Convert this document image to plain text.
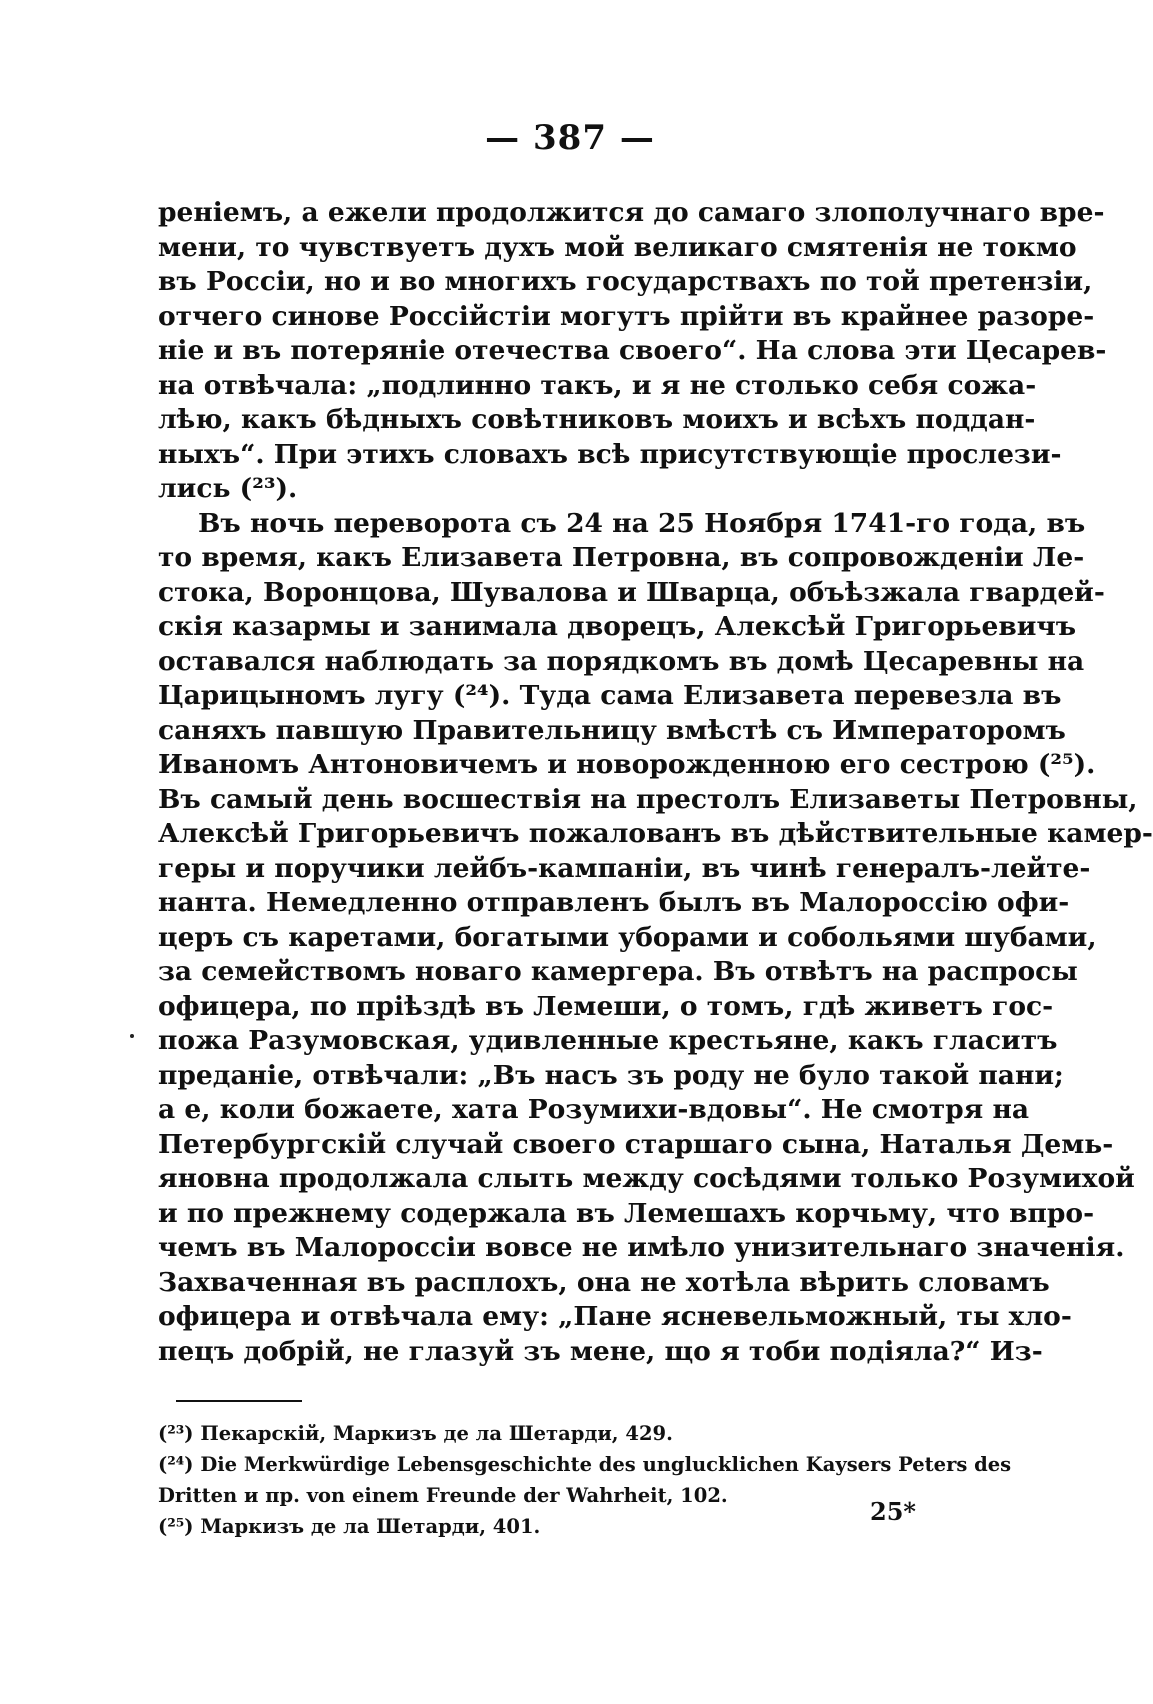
— 387 —
реніемъ, а ежели продолжится до самаго злополучнаго вре-
мени, то чувствуетъ духъ мой великаго смятенія не токмо
въ Россіи, но и во многихъ государствахъ по той претензіи,
отчего синове Россійстіи могутъ прійти въ крайнее разоре-
ніе и въ потеряніе отечества своего“. На слова эти Цесарев-
на отвѣчала: „подлинно такъ, и я не столько себя сожа-
лѣю, какъ бѣдныхъ совѣтниковъ моихъ и всѣхъ поддан-
ныхъ“. При этихъ словахъ всѣ присутствующіе прослези-
лись (²³).
Въ ночь переворота съ 24 на 25 Ноября 1741-го года, въ
то время, какъ Елизавета Петровна, въ сопровожденіи Ле-
стока, Воронцова, Шувалова и Шварца, объѣзжала гвардей-
скія казармы и занимала дворецъ, Алексѣй Григорьевичъ
оставался наблюдать за порядкомъ въ домѣ Цесаревны на
Царицыномъ лугу (²⁴). Туда сама Елизавета перевезла въ
саняхъ павшую Правительницу вмѣстѣ съ Императоромъ
Иваномъ Антоновичемъ и новорожденною его сестрою (²⁵).
Въ самый день восшествія на престолъ Елизаветы Петровны,
Алексѣй Григорьевичъ пожалованъ въ дѣйствительные камер-
геры и поручики лейбъ-кампаніи, въ чинѣ генералъ-лейте-
нанта. Немедленно отправленъ былъ въ Малороссію офи-
церъ съ каретами, богатыми уборами и собольями шубами,
за семействомъ новаго камергера. Въ отвѣтъ на распросы
офицера, по пріѣздѣ въ Лемеши, о томъ, гдѣ живетъ гос-
пожа Разумовская, удивленные крестьяне, какъ гласитъ
преданіе, отвѣчали: „Въ насъ зъ роду не було такой пани;
а е, коли божаете, хата Розумихи-вдовы“. Не смотря на
Петербургскій случай своего старшаго сына, Наталья Демь-
яновна продолжала слыть между сосѣдями только Розумихой
и по прежнему содержала въ Лемешахъ корчьму, что впро-
чемъ въ Малороссіи вовсе не имѣло унизительнаго значенія.
Захваченная въ расплохъ, она не хотѣла вѣрить словамъ
офицера и отвѣчала ему: „Пане ясневельможный, ты хло-
пецъ добрій, не глазуй зъ мене, що я тоби подiяла?“ Из-
(²³) Пекарскій, Маркизъ де ла Шетарди, 429.
(²⁴) Die Merkwürdige Lebensgeschichte des unglucklichen Kaysers Peters des
Dritten и пр. von einem Freunde der Wahrheit, 102.
(²⁵) Маркизъ де ла Шетарди, 401.
25*
